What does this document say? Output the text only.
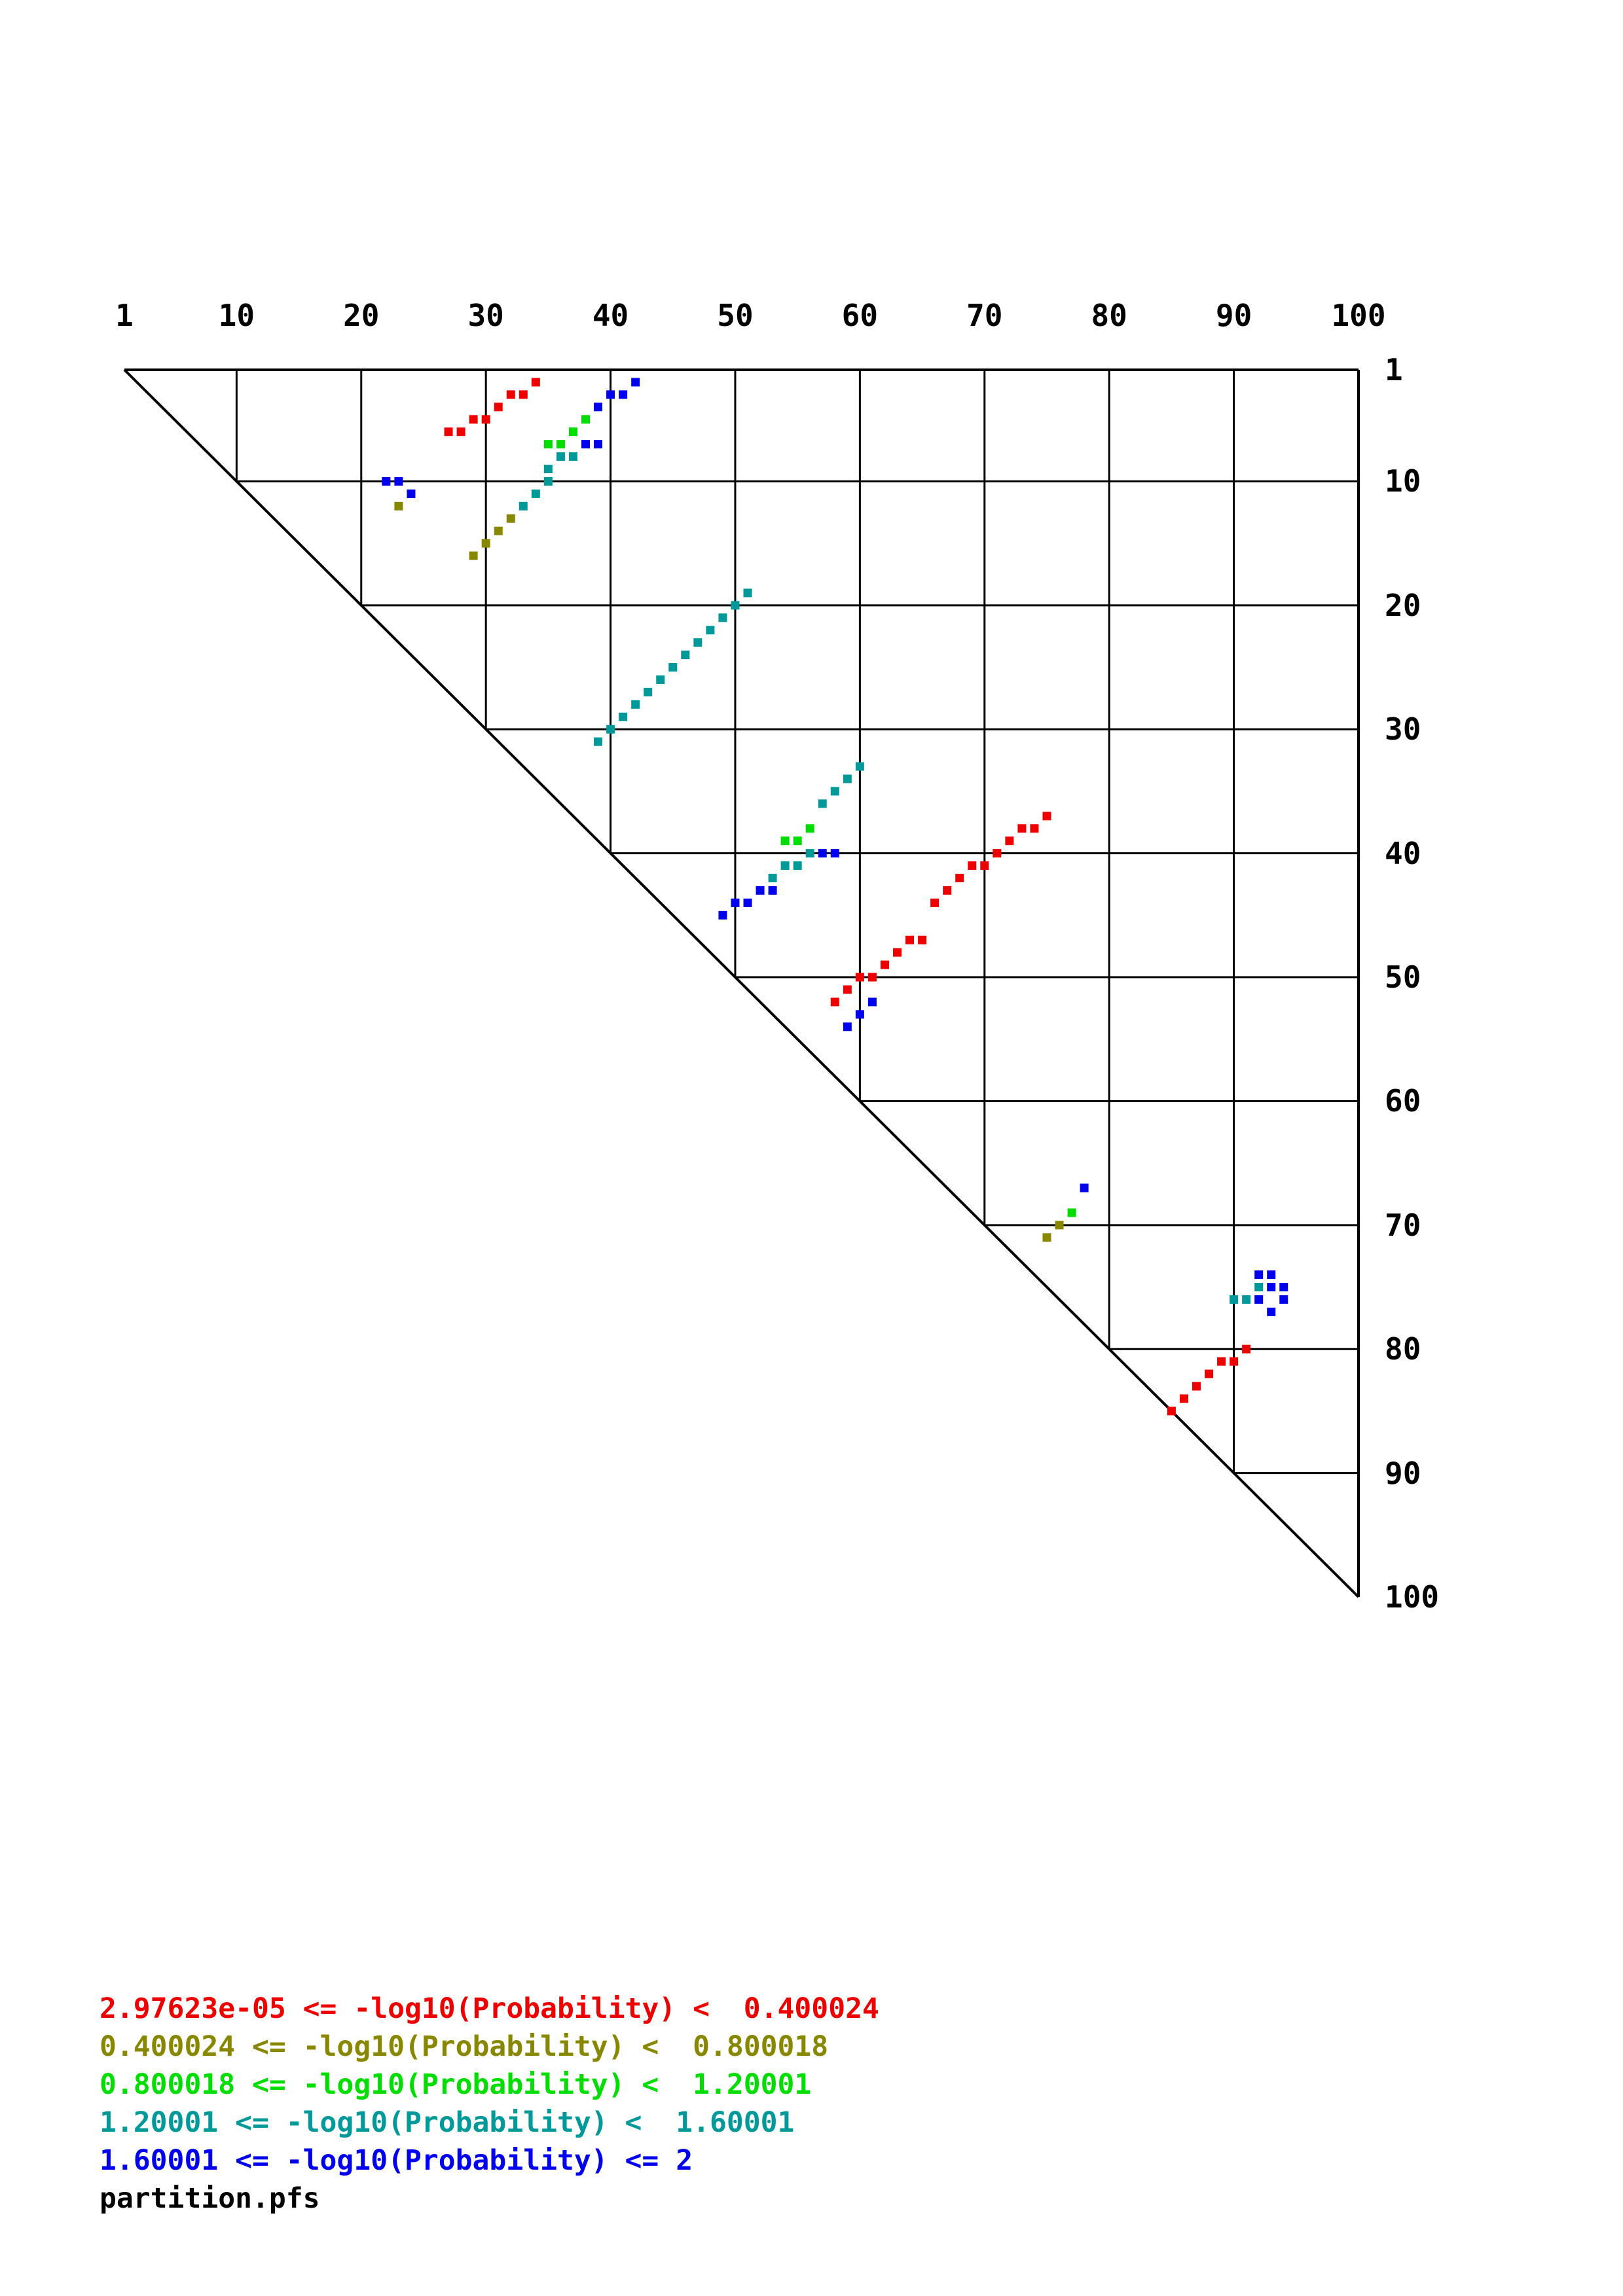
1	10	20	30	40	50	60	70	80	90	100
1
10
20
30
40
50
60
70
80
90
100
2.97623e-05 <= -log10(Probability) <  0.400024
0.400024 <= -log10(Probability) <  0.800018
0.800018 <= -log10(Probability) <  1.20001
1.20001 <= -log10(Probability) <  1.60001
1.60001 <= -log10(Probability) <= 2
partition.pfs
